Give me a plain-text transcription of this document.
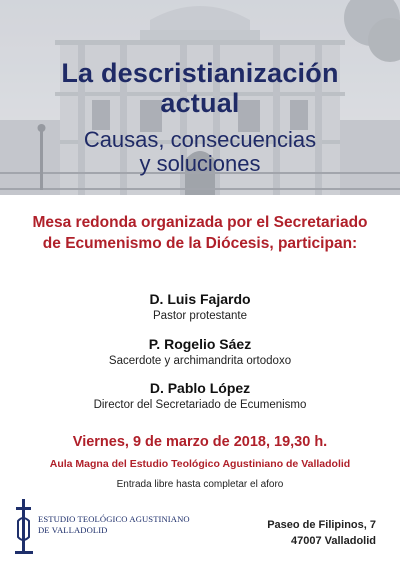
La descristianización
actual
Causas, consecuencias
y soluciones
Mesa redonda organizada por el Secretariado
de Ecumenismo de la Diócesis, participan:
D. Luis Fajardo
Pastor protestante
P. Rogelio Sáez
Sacerdote y archimandrita ortodoxo
D. Pablo López
Director del Secretariado de Ecumenismo
Viernes, 9 de marzo de 2018, 19,30 h.
Aula Magna del Estudio Teológico Agustiniano de Valladolid
Entrada libre hasta completar el aforo
ESTUDIO TEOLÓGICO AGUSTINIANO
DE VALLADOLID	Paseo de Filipinos, 7
47007 Valladolid
